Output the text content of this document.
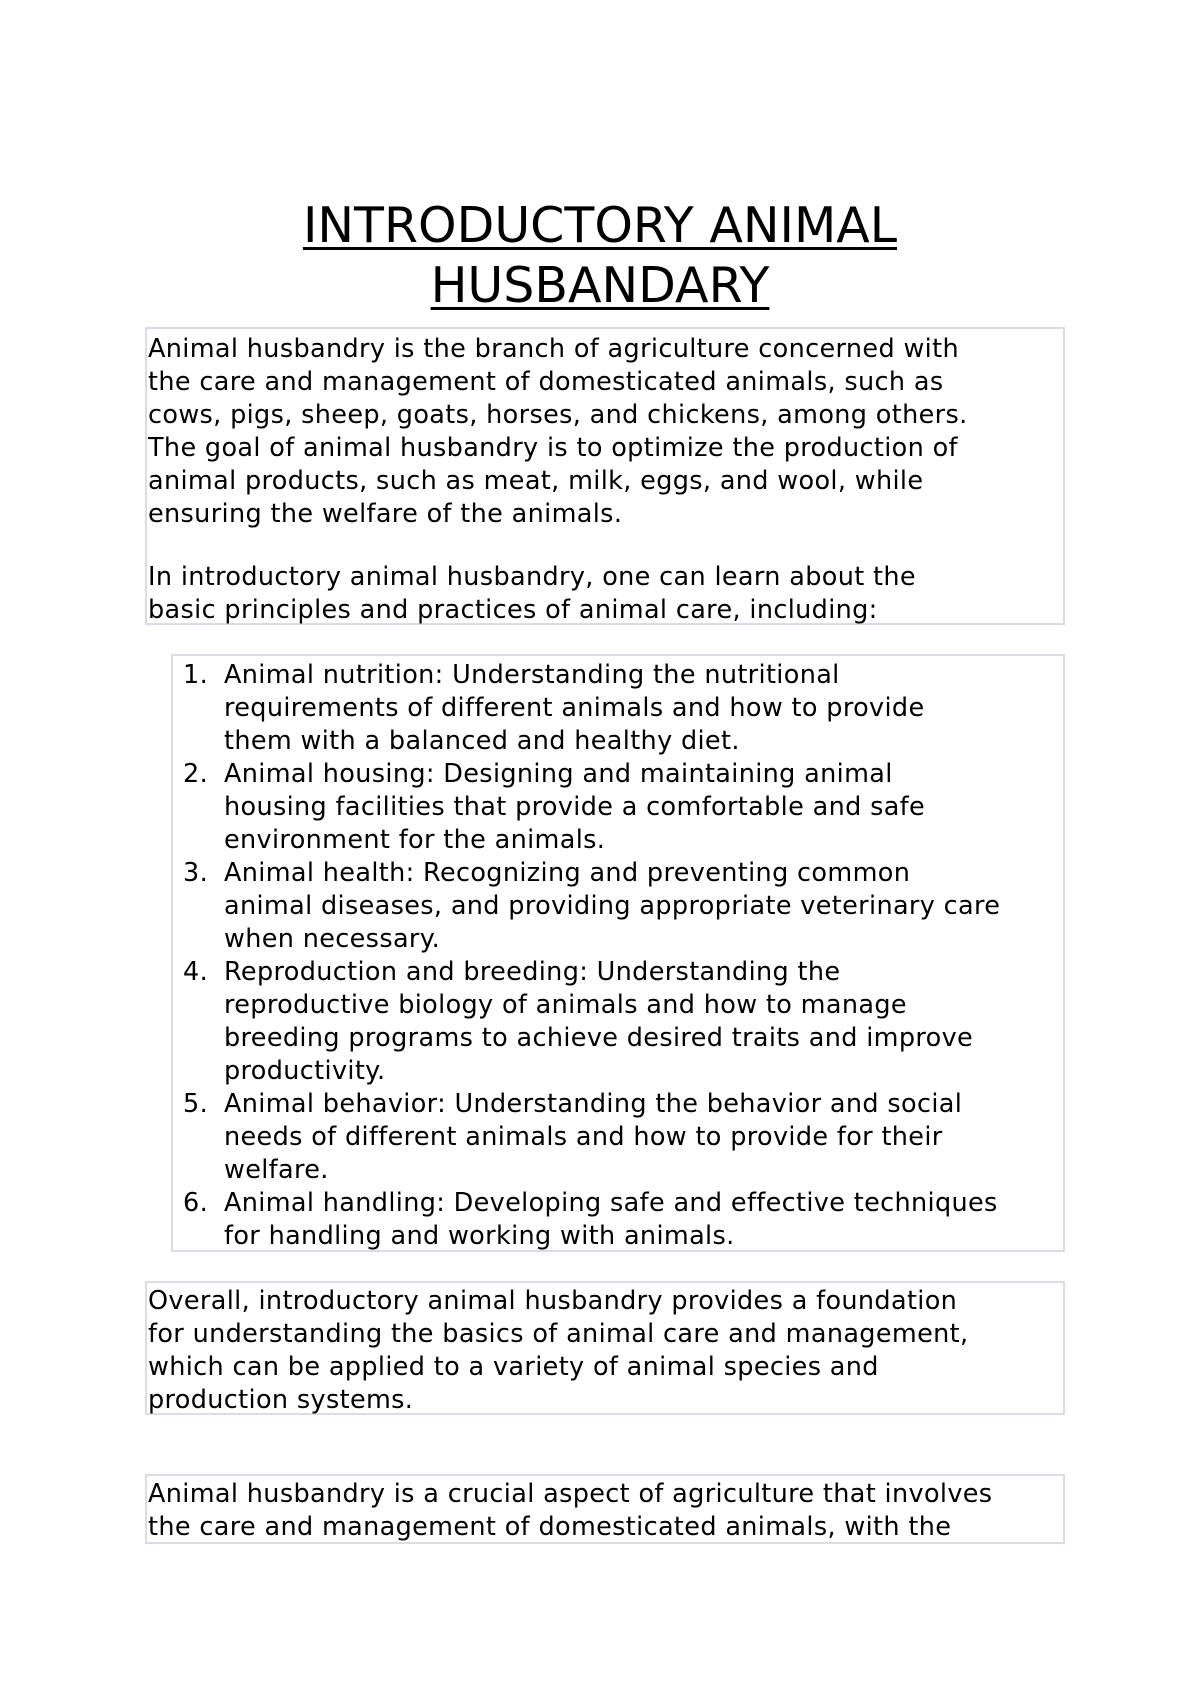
INTRODUCTORY ANIMAL
HUSBANDARY

Animal husbandry is the branch of agriculture concerned with

the care and management of domesticated animals, such as

cows, pigs, sheep, goats, horses, and chickens, among others.

The goal of animal husbandry is to optimize the production of

animal products, such as meat, milk, eggs, and wool, while

ensuring the welfare of the animals.

In introductory animal husbandry, one can learn about the

basic principles and practices of animal care, including:

1. Animal nutrition: Understanding the nutritional

requirements of different animals and how to provide

them with a balanced and healthy diet.

2. Animal housing: Designing and maintaining animal

housing facilities that provide a comfortable and safe

environment for the animals.

3. Animal health: Recognizing and preventing common

animal diseases, and providing appropriate veterinary care

when necessary.

4. Reproduction and breeding: Understanding the

reproductive biology of animals and how to manage

breeding programs to achieve desired traits and improve

productivity.

5. Animal behavior: Understanding the behavior and social

needs of different animals and how to provide for their

welfare.

6. Animal handling: Developing safe and effective techniques

for handling and working with animals.

Overall, introductory animal husbandry provides a foundation

for understanding the basics of animal care and management,

which can be applied to a variety of animal species and

production systems.

Animal husbandry is a crucial aspect of agriculture that involves

the care and management of domesticated animals, with the
